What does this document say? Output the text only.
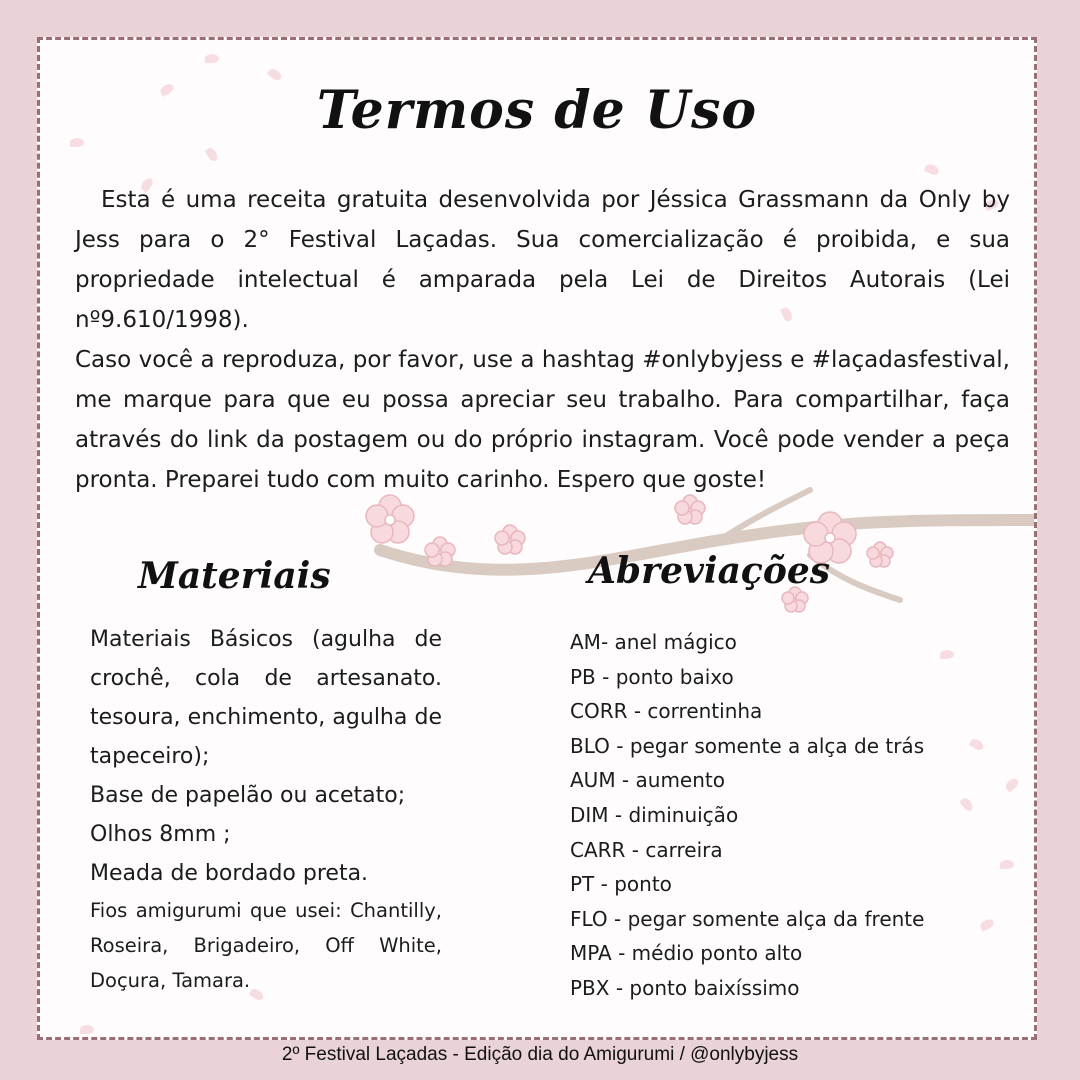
Termos de Uso

Esta é uma receita gratuita desenvolvida por Jéssica Grassmann da Only by Jess para o 2° Festival Laçadas. Sua comercialização é proibida, e sua propriedade intelectual é amparada pela Lei de Direitos Autorais (Lei nº9.610/1998).

Caso você a reproduza, por favor, use a hashtag #onlybyjess e #laçadasfestival, me marque para que eu possa apreciar seu trabalho. Para compartilhar, faça através do link da postagem ou do próprio instagram. Você pode vender a peça pronta. Preparei tudo com muito carinho. Espero que goste!

Materiais	Abreviações
Materiais Básicos (agulha de crochê, cola de artesanato. tesoura, enchimento, agulha de tapeceiro);
Base de papelão ou acetato;
Olhos 8mm ;
Meada de bordado preta.
Fios amigurumi que usei: Chantilly, Roseira, Brigadeiro, Off White, Doçura, Tamara.
AM- anel mágico
PB - ponto baixo
CORR - correntinha
BLO - pegar somente a alça de trás
AUM - aumento
DIM - diminuição
CARR - carreira
PT - ponto
FLO - pegar somente alça da frente
MPA - médio ponto alto
PBX - ponto baixíssimo
2º Festival Laçadas - Edição dia do Amigurumi / @onlybyjess
